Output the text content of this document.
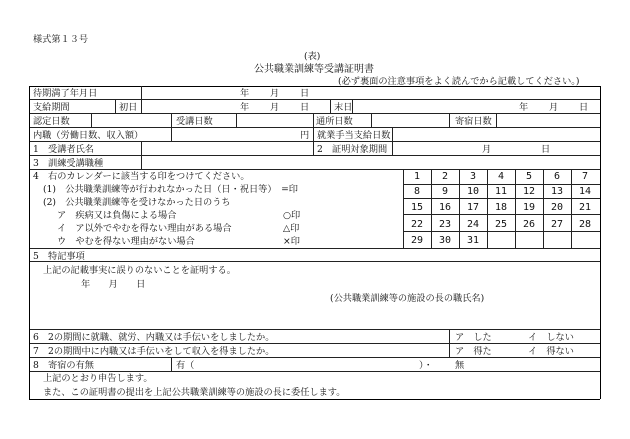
様式第１３号
(表)
公共職業訓練等受講証明書
(必ず裏面の注意事項をよく読んでから記載してください。)
待期満了年月日	年 月 日
支給期間	初日	年 月 日	末日	年 月 日
認定日数	受講日数	通所日数	寄宿日数
内職（労働日数、収入額）	円 就業手当支給日数
1　受講者氏名	2　証明対象期間	月	日
3　訓練受講職種
4　右のカレンダーに該当する印をつけてください。
(1)　公共職業訓練等が行われなかった日（日・祝日等）　=印
(2)　公共職業訓練等を受けなかった日のうち
ア　疾病又は負傷による場合	○印
イ　ア以外でやむを得ない理由がある場合	△印
ウ　やむを得ない理由がない場合	×印
1	2	3	4	5	6	7
8	9	10	11	12	13	14
15	16	17	18	19	20	21
22	23	24	25	26	27	28
29	30	31
5　特記事項
上記の記載事実に誤りのないことを証明する。
年　　月　　日
(公共職業訓練等の施設の長の職氏名)
6　2の期間に就職、就労、内職又は手伝いをしましたか。	ア　した	イ　しない
7　2の期間中に内職又は手伝いをして収入を得ましたか。	ア　得た	イ　得ない
8　寄宿の有無	有（	）・ 無
上記のとおり申告します。
また、この証明書の提出を上記公共職業訓練等の施設の長に委任します。
